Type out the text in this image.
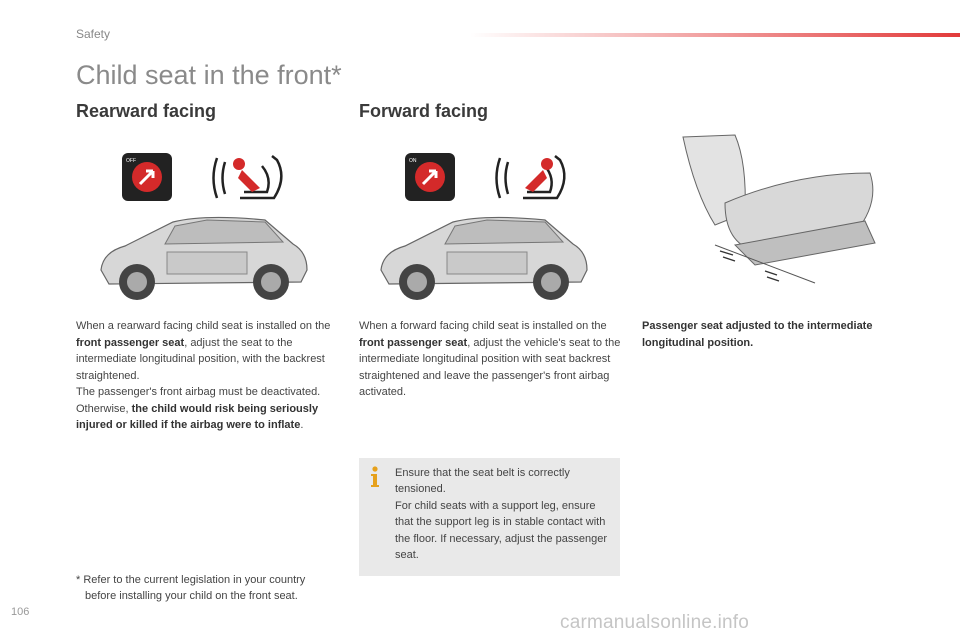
Safety
Child seat in the front*
Rearward facing	Forward facing
OFF	ON
When a rearward facing child seat is installed on the front passenger seat, adjust the seat to the intermediate longitudinal position, with the backrest straightened.
The passenger's front airbag must be deactivated. Otherwise, the child would risk being seriously injured or killed if the airbag were to inflate.
When a forward facing child seat is installed on the front passenger seat, adjust the vehicle's seat to the intermediate longitudinal position with seat backrest straightened and leave the passenger's front airbag activated.
Passenger seat adjusted to the intermediate longitudinal position.
Ensure that the seat belt is correctly tensioned.
For child seats with a support leg, ensure that the support leg is in stable contact with the floor. If necessary, adjust the passenger seat.
* Refer to the current legislation in your country
before installing your child on the front seat.
106	carmanualsonline.info
